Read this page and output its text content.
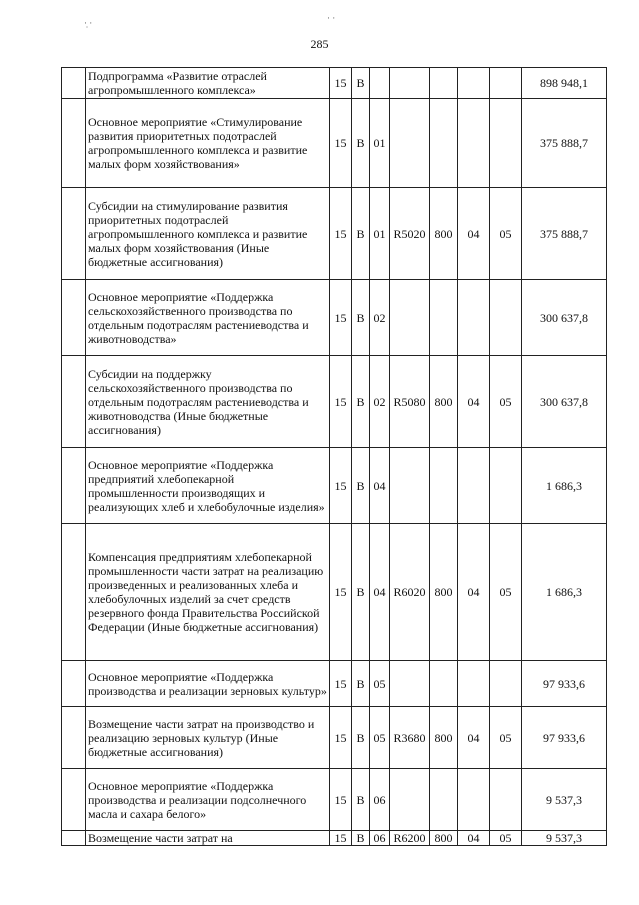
285
·̣ ·	· ·
	Подпрограмма «Развитие отраслей агропромышленного комплекса»	15	В						898 948,1
	Основное мероприятие «Стимулирование развития приоритетных подотраслей агропромышленного комплекса и развитие малых форм хозяйствования»	15	В	01					375 888,7
	Субсидии на стимулирование развития приоритетных подотраслей агропромышленного комплекса и развитие малых форм хозяйствования (Иные бюджетные ассигнования)	15	В	01	R5020	800	04	05	375 888,7
	Основное мероприятие «Поддержка сельскохозяйственного производства по отдельным подотраслям растениеводства и животноводства»	15	В	02					300 637,8
	Субсидии на поддержку сельскохозяйственного производства по отдельным подотраслям растениеводства и животноводства (Иные бюджетные ассигнования)	15	В	02	R5080	800	04	05	300 637,8
	Основное мероприятие «Поддержка предприятий хлебопекарной промышленности производящих и реализующих хлеб и хлебобулочные изделия»	15	В	04					1 686,3
	Компенсация предприятиям хлебопекарной промышленности части затрат на реализацию произведенных и реализованных хлеба и хлебобулочных изделий за счет средств резервного фонда Правительства Российской Федерации (Иные бюджетные ассигнования)	15	В	04	R6020	800	04	05	1 686,3
	Основное мероприятие «Поддержка производства и реализации зерновых культур»	15	В	05					97 933,6
	Возмещение части затрат на производство и реализацию зерновых культур (Иные бюджетные ассигнования)	15	В	05	R3680	800	04	05	97 933,6
	Основное мероприятие «Поддержка производства и реализации подсолнечного масла и сахара белого»	15	В	06					9 537,3
	Возмещение части затрат на	15	В	06	R6200	800	04	05	9 537,3
